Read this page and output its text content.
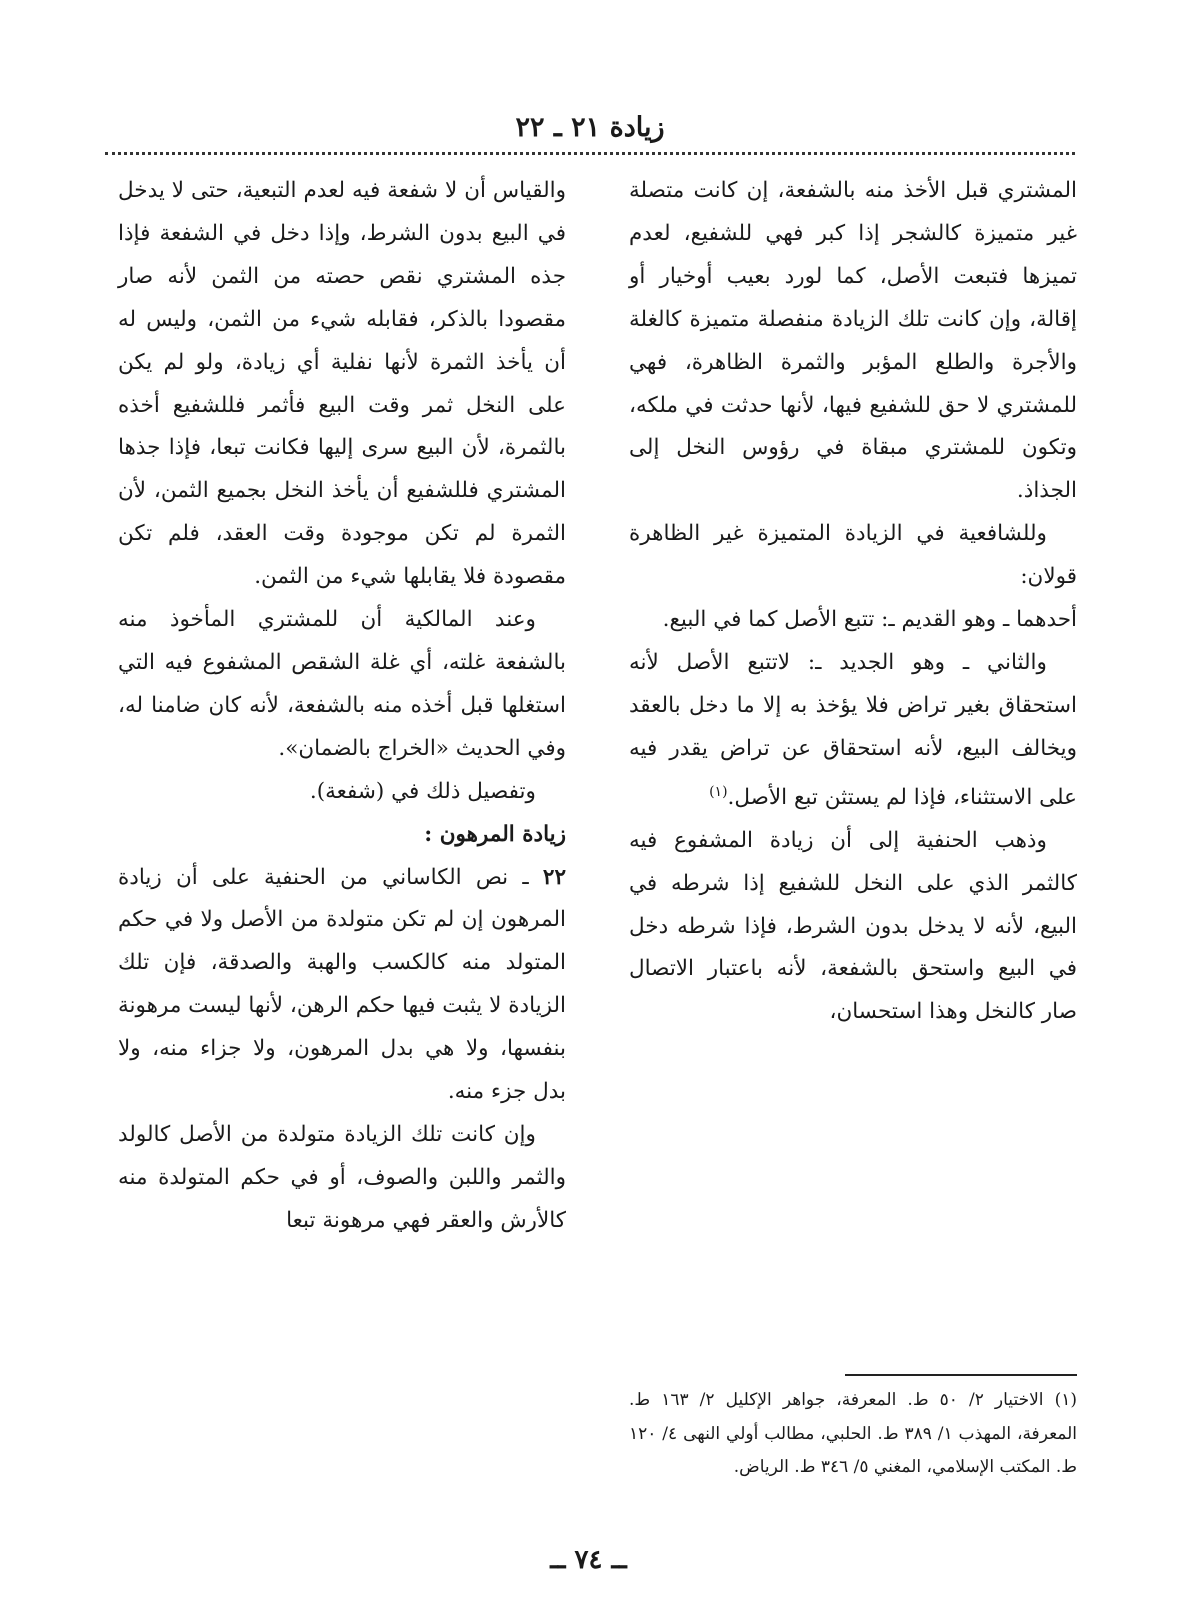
زيادة ٢١ ـ ٢٢

المشتري قبل الأخذ منه بالشفعة، إن كانت متصلة غير متميزة كالشجر إذا كبر فهي للشفيع، لعدم تميزها فتبعت الأصل، كما لورد بعيب أوخيار أو إقالة، وإن كانت تلك الزيادة منفصلة متميزة كالغلة والأجرة والطلع المؤبر والثمرة الظاهرة، فهي للمشتري لا حق للشفيع فيها، لأنها حدثت في ملكه، وتكون للمشتري مبقاة في رؤوس النخل إلى الجذاذ.

وللشافعية في الزيادة المتميزة غير الظاهرة قولان:

أحدهما ـ وهو القديم ـ: تتبع الأصل كما في البيع.

والثاني ـ وهو الجديد ـ: لاتتبع الأصل لأنه استحقاق بغير تراض فلا يؤخذ به إلا ما دخل بالعقد ويخالف البيع، لأنه استحقاق عن تراض يقدر فيه على الاستثناء، فإذا لم يستثن تبع الأصل.$^{(١)}$

وذهب الحنفية إلى أن زيادة المشفوع فيه كالثمر الذي على النخل للشفيع إذا شرطه في البيع، لأنه لا يدخل بدون الشرط، فإذا شرطه دخل في البيع واستحق بالشفعة، لأنه باعتبار الاتصال صار كالنخل وهذا استحسان،

والقياس أن لا شفعة فيه لعدم التبعية، حتى لا يدخل في البيع بدون الشرط، وإذا دخل في الشفعة فإذا جذه المشتري نقص حصته من الثمن لأنه صار مقصودا بالذكر، فقابله شيء من الثمن، وليس له أن يأخذ الثمرة لأنها نفلية أي زيادة، ولو لم يكن على النخل ثمر وقت البيع فأثمر فللشفيع أخذه بالثمرة، لأن البيع سرى إليها فكانت تبعا، فإذا جذها المشتري فللشفيع أن يأخذ النخل بجميع الثمن، لأن الثمرة لم تكن موجودة وقت العقد، فلم تكن مقصودة فلا يقابلها شيء من الثمن.

وعند المالكية أن للمشتري المأخوذ منه بالشفعة غلته، أي غلة الشقص المشفوع فيه التي استغلها قبل أخذه منه بالشفعة، لأنه كان ضامنا له، وفي الحديث «الخراج بالضمان».

وتفصيل ذلك في (شفعة).

زيادة المرهون :

٢٢ ـ نص الكاساني من الحنفية على أن زيادة المرهون إن لم تكن متولدة من الأصل ولا في حكم المتولد منه كالكسب والهبة والصدقة، فإن تلك الزيادة لا يثبت فيها حكم الرهن، لأنها ليست مرهونة بنفسها، ولا هي بدل المرهون، ولا جزاء منه، ولا بدل جزء منه.

وإن كانت تلك الزيادة متولدة من الأصل كالولد والثمر واللبن والصوف، أو في حكم المتولدة منه كالأرش والعقر فهي مرهونة تبعا

(١) الاختيار ٢/ ٥٠ ط. المعرفة، جواهر الإكليل ٢/ ١٦٣ ط. المعرفة، المهذب ١/ ٣٨٩ ط. الحلبي، مطالب أولي النهى ٤/ ١٢٠ ط. المكتب الإسلامي، المغني ٥/ ٣٤٦ ط. الرياض.

ــ ٧٤ ــ
